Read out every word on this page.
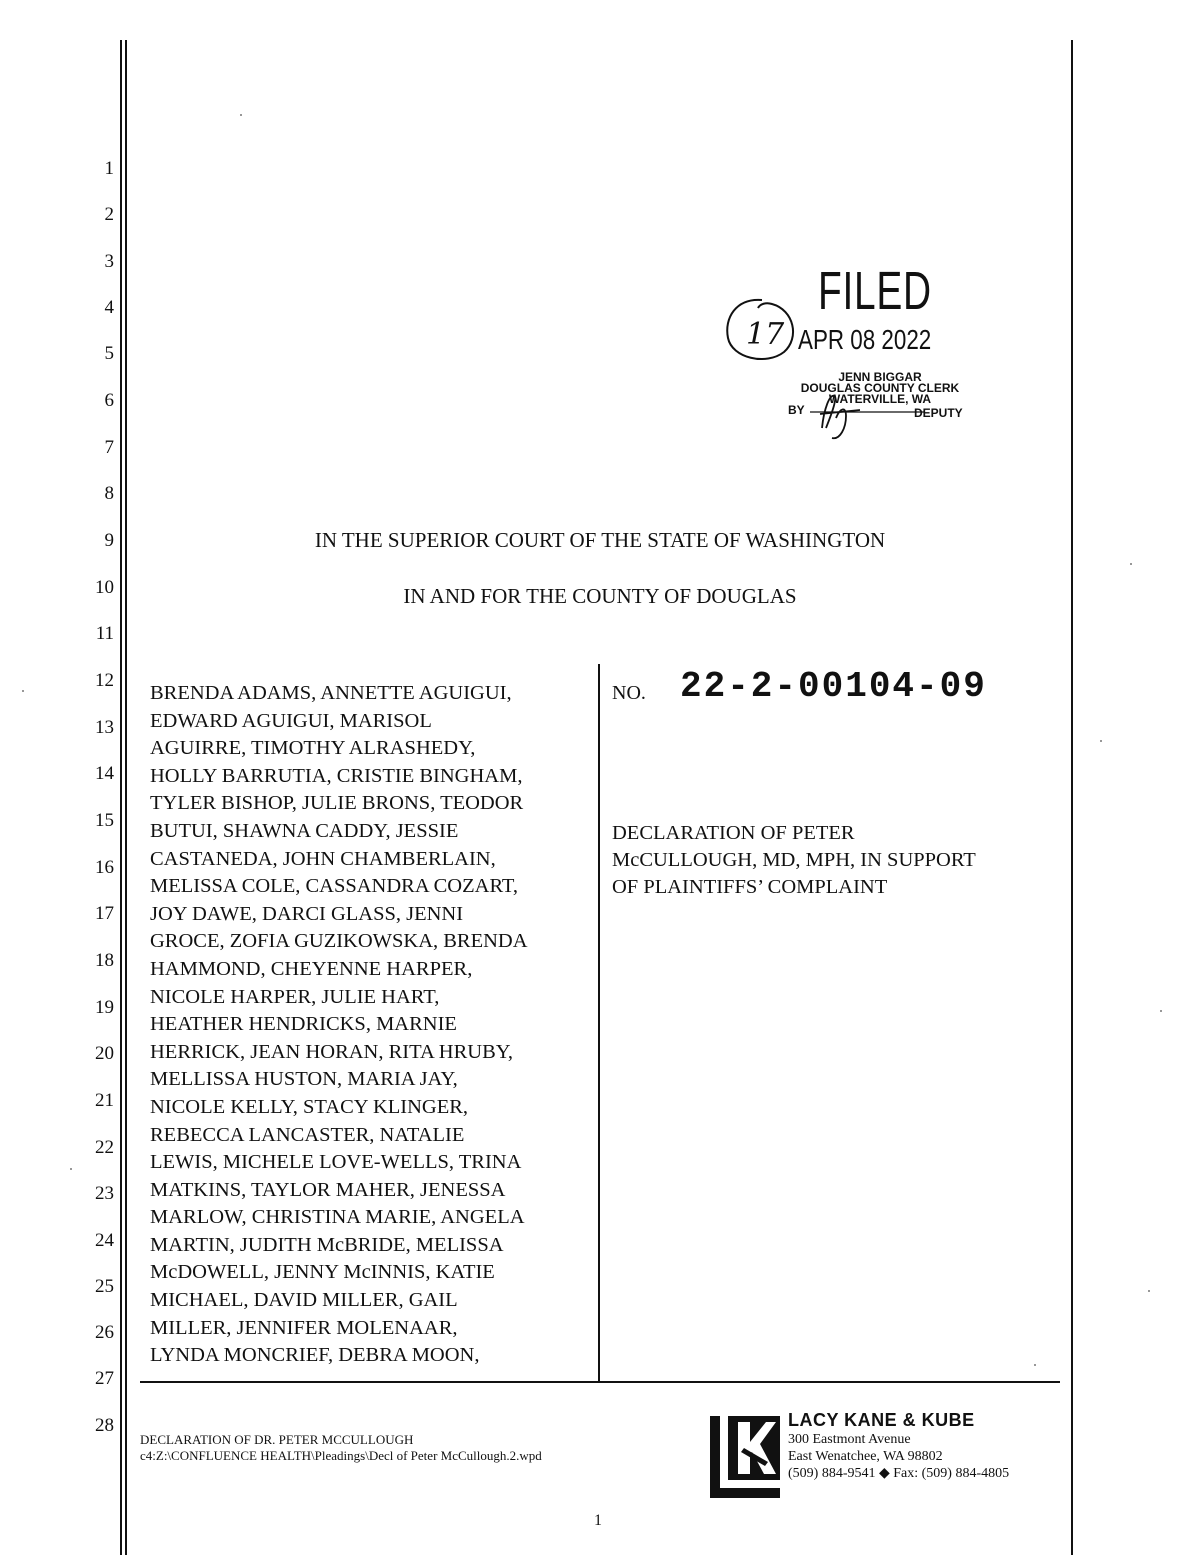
1
2
3
4
5
6
7
8
9
10
11
12
13
14
15
16
17
18
19
20
21
22
23
24
25
26
27
28
FILED
17 APR 08 2022
JENN BIGGAR
DOUGLAS COUNTY CLERK
WATERVILLE, WA
BY	DEPUTY
IN THE SUPERIOR COURT OF THE STATE OF WASHINGTON
IN AND FOR THE COUNTY OF DOUGLAS
BRENDA ADAMS, ANNETTE AGUIGUI,
EDWARD AGUIGUI, MARISOL
AGUIRRE, TIMOTHY ALRASHEDY,
HOLLY BARRUTIA, CRISTIE BINGHAM,
TYLER BISHOP, JULIE BRONS, TEODOR
BUTUI, SHAWNA CADDY, JESSIE
CASTANEDA, JOHN CHAMBERLAIN,
MELISSA COLE, CASSANDRA COZART,
JOY DAWE, DARCI GLASS, JENNI
GROCE, ZOFIA GUZIKOWSKA, BRENDA
HAMMOND, CHEYENNE HARPER,
NICOLE HARPER, JULIE HART,
HEATHER HENDRICKS, MARNIE
HERRICK, JEAN HORAN, RITA HRUBY,
MELLISSA HUSTON, MARIA JAY,
NICOLE KELLY, STACY KLINGER,
REBECCA LANCASTER, NATALIE
LEWIS, MICHELE LOVE-WELLS, TRINA
MATKINS, TAYLOR MAHER, JENESSA
MARLOW, CHRISTINA MARIE, ANGELA
MARTIN, JUDITH McBRIDE, MELISSA
McDOWELL, JENNY McINNIS, KATIE
MICHAEL, DAVID MILLER, GAIL
MILLER, JENNIFER MOLENAAR,
LYNDA MONCRIEF, DEBRA MOON,
NO. 22-2-00104-09
DECLARATION OF PETER
McCULLOUGH, MD, MPH, IN SUPPORT
OF PLAINTIFFS’ COMPLAINT
DECLARATION OF DR. PETER MCCULLOUGH
c4:Z:\CONFLUENCE HEALTH\Pleadings\Decl of Peter McCullough.2.wpd
1
LACY KANE & KUBE
300 Eastmont Avenue
East Wenatchee, WA 98802
(509) 884-9541 ◆ Fax: (509) 884-4805
